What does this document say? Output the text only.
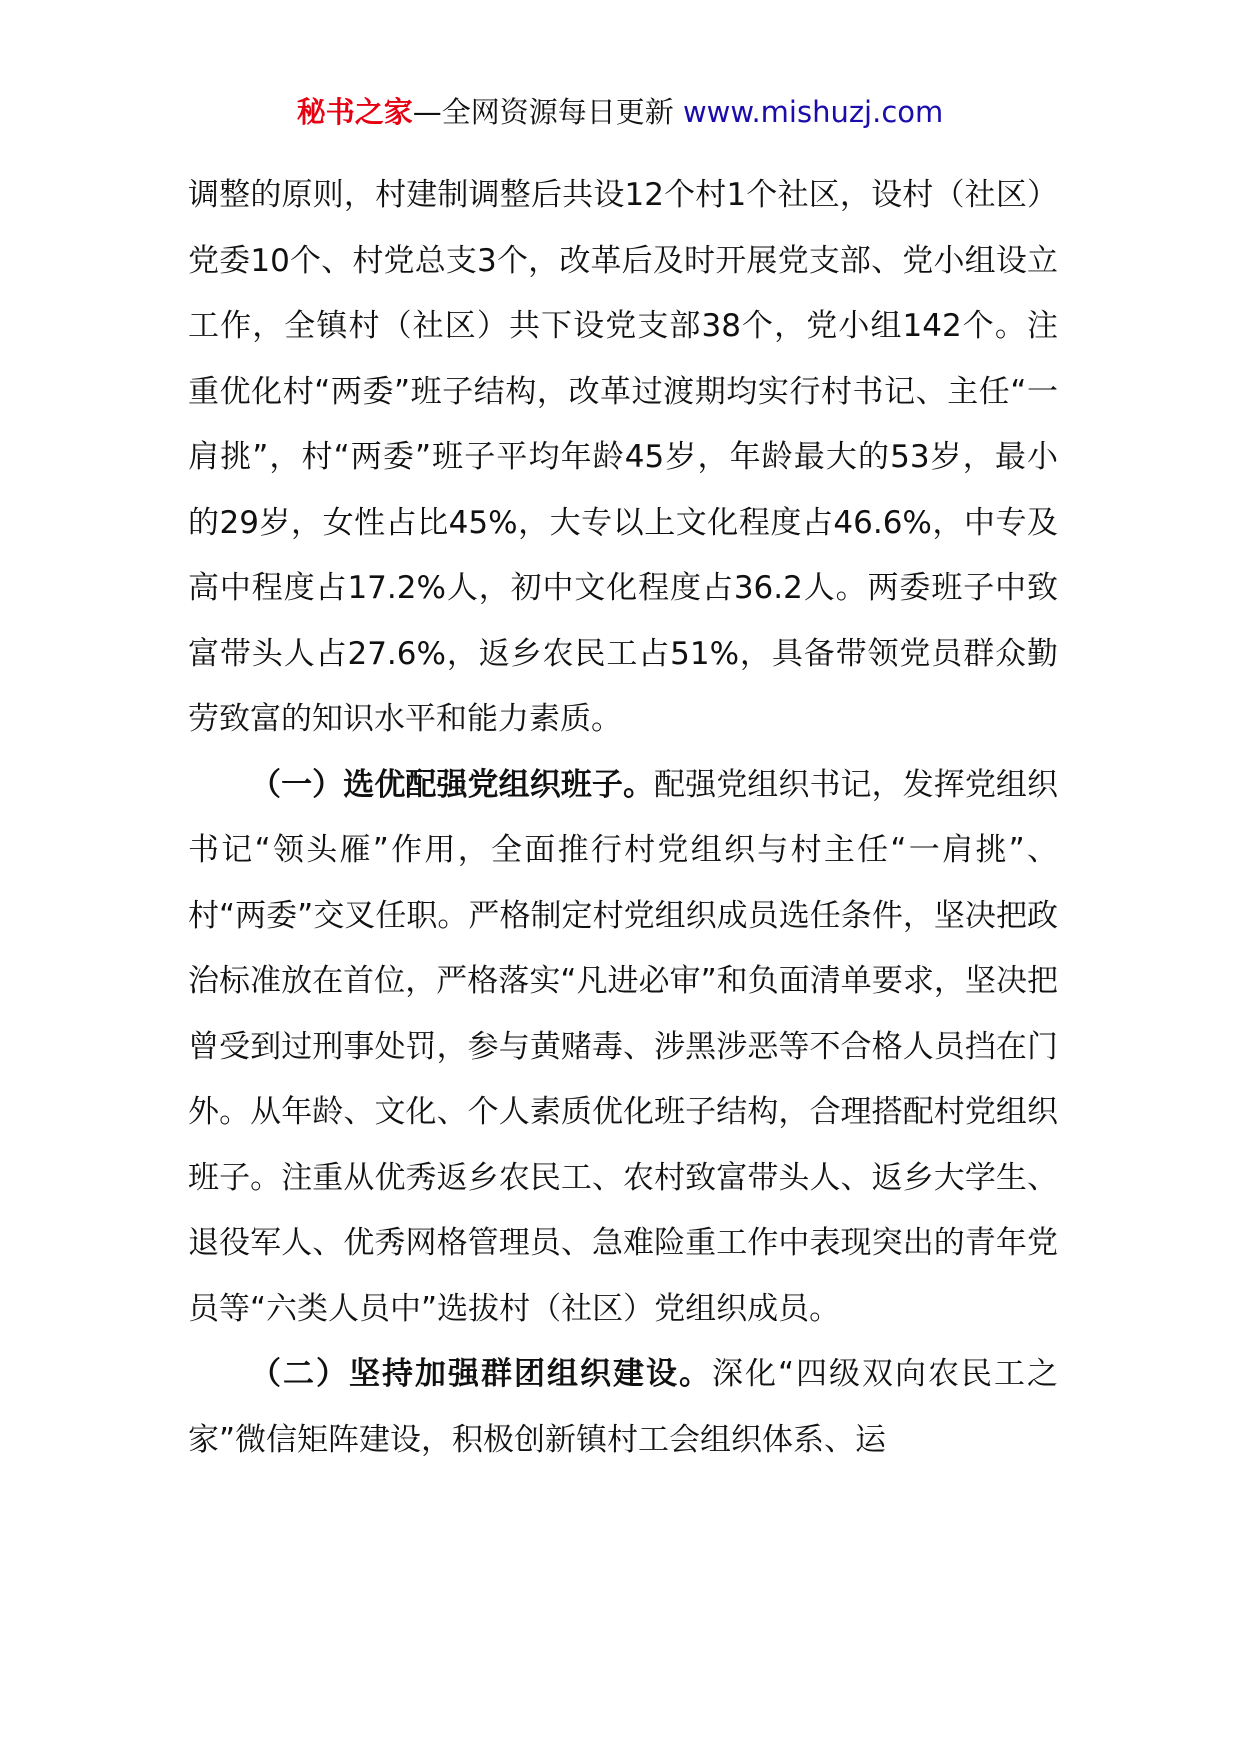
秘书之家—全网资源每日更新 www.mishuzj.com

调整的原则，村建制调整后共设12个村1个社区，设村（社区）党委10个、村党总支3个，改革后及时开展党支部、党小组设立工作，全镇村（社区）共下设党支部38个，党小组142个。注重优化村“两委”班子结构，改革过渡期均实行村书记、主任“一肩挑”，村“两委”班子平均年龄45岁，年龄最大的53岁，最小的29岁，女性占比45%，大专以上文化程度占46.6%，中专及高中程度占17.2%人，初中文化程度占36.2人。两委班子中致富带头人占27.6%，返乡农民工占51%，具备带领党员群众勤劳致富的知识水平和能力素质。

（一）选优配强党组织班子。配强党组织书记，发挥党组织书记“领头雁”作用，全面推行村党组织与村主任“一肩挑”、村“两委”交叉任职。严格制定村党组织成员选任条件，坚决把政治标准放在首位，严格落实“凡进必审”和负面清单要求，坚决把曾受到过刑事处罚，参与黄赌毒、涉黑涉恶等不合格人员挡在门外。从年龄、文化、个人素质优化班子结构，合理搭配村党组织班子。注重从优秀返乡农民工、农村致富带头人、返乡大学生、退役军人、优秀网格管理员、急难险重工作中表现突出的青年党员等“六类人员中”选拔村（社区）党组织成员。

（二）坚持加强群团组织建设。深化“四级双向农民工之家”微信矩阵建设，积极创新镇村工会组织体系、运
